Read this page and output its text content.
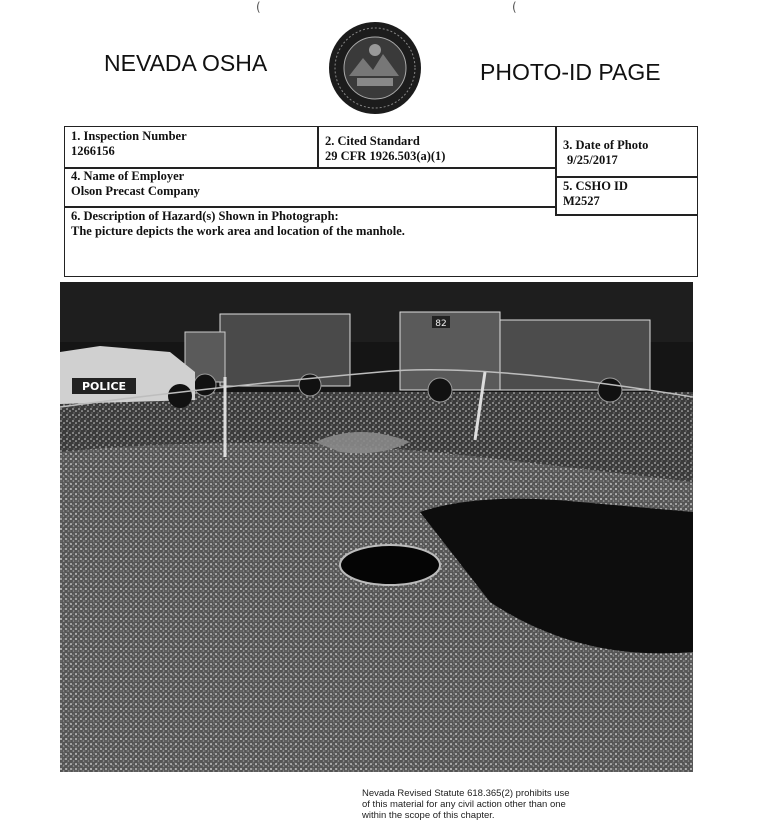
(	(
NEVADA OSHA	PHOTO-ID PAGE
1. Inspection Number
1266156
2. Cited Standard
29 CFR 1926.503(a)(1)
3. Date of Photo
9/25/2017
4. Name of Employer
Olson Precast Company	5. CSHO ID
M2527
6. Description of Hazard(s) Shown in Photograph:
The picture depicts the work area and location of the manhole.
82
POLICE
Nevada Revised Statute 618.365(2) prohibits use
of this material for any civil action other than one
within the scope of this chapter.
